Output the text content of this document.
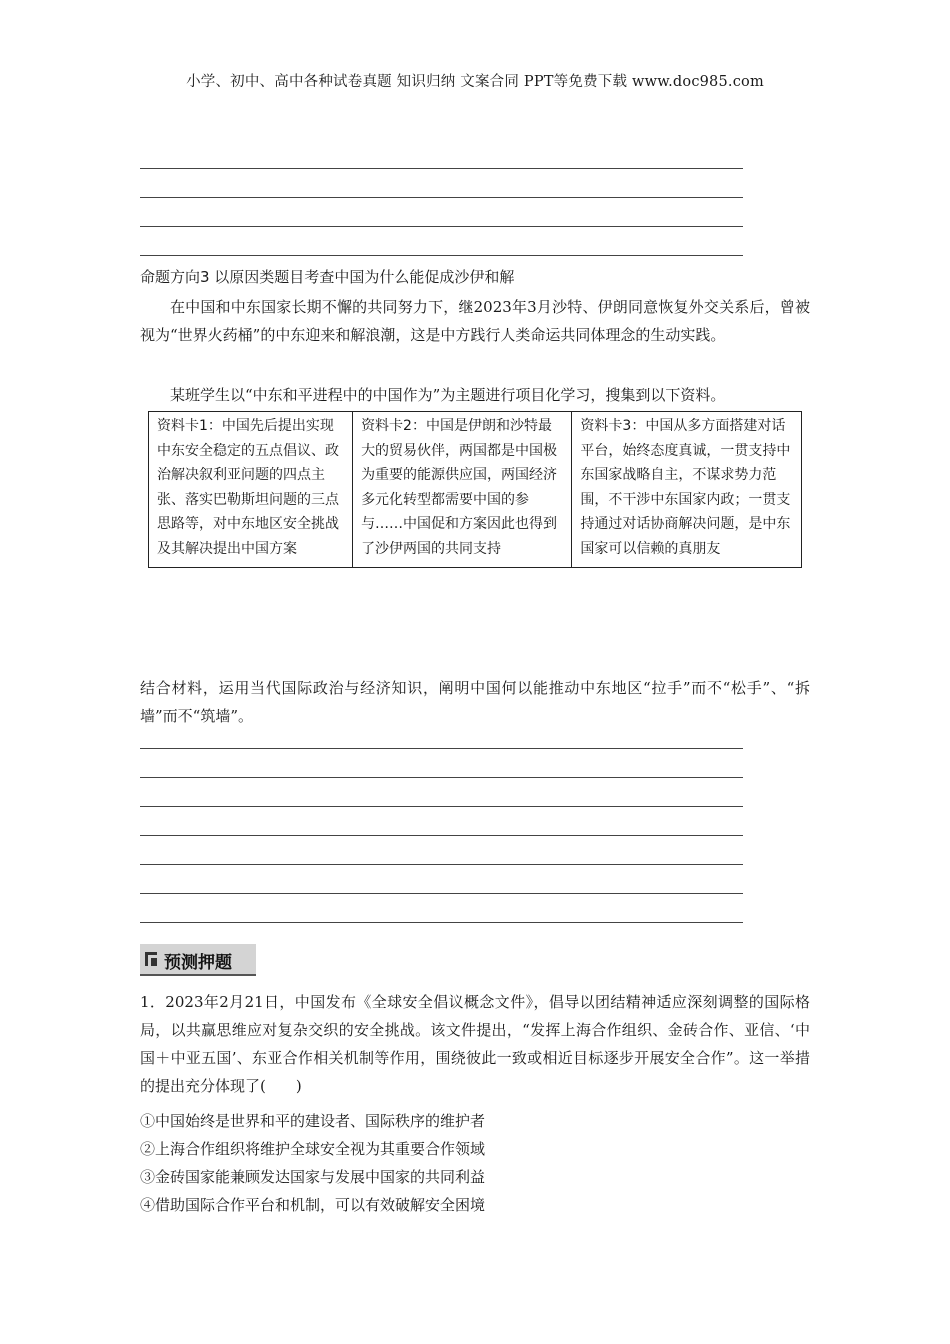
小学、初中、高中各种试卷真题 知识归纳 文案合同 PPT等免费下载 www.doc985.com
命题方向3 以原因类题目考查中国为什么能促成沙伊和解
在中国和中东国家长期不懈的共同努力下，继2023年3月沙特、伊朗同意恢复外交关系后，曾被视为“世界火药桶”的中东迎来和解浪潮，这是中方践行人类命运共同体理念的生动实践。
某班学生以“中东和平进程中的中国作为”为主题进行项目化学习，搜集到以下资料。
资料卡1：中国先后提出实现中东安全稳定的五点倡议、政治解决叙利亚问题的四点主张、落实巴勒斯坦问题的三点思路等，对中东地区安全挑战及其解决提出中国方案	资料卡2：中国是伊朗和沙特最大的贸易伙伴，两国都是中国极为重要的能源供应国，两国经济多元化转型都需要中国的参与……中国促和方案因此也得到了沙伊两国的共同支持	资料卡3：中国从多方面搭建对话平台，始终态度真诚，一贯支持中东国家战略自主，不谋求势力范围，不干涉中东国家内政；一贯支持通过对话协商解决问题，是中东国家可以信赖的真朋友
结合材料，运用当代国际政治与经济知识，阐明中国何以能推动中东地区“拉手”而不“松手”、“拆墙”而不“筑墙”。
预测押题
1．2023年2月21日，中国发布《全球安全倡议概念文件》，倡导以团结精神适应深刻调整的国际格局，以共赢思维应对复杂交织的安全挑战。该文件提出，“发挥上海合作组织、金砖合作、亚信、‘中国＋中亚五国’、东亚合作相关机制等作用，围绕彼此一致或相近目标逐步开展安全合作”。这一举措的提出充分体现了(　　)
①中国始终是世界和平的建设者、国际秩序的维护者
②上海合作组织将维护全球安全视为其重要合作领域
③金砖国家能兼顾发达国家与发展中国家的共同利益
④借助国际合作平台和机制，可以有效破解安全困境
